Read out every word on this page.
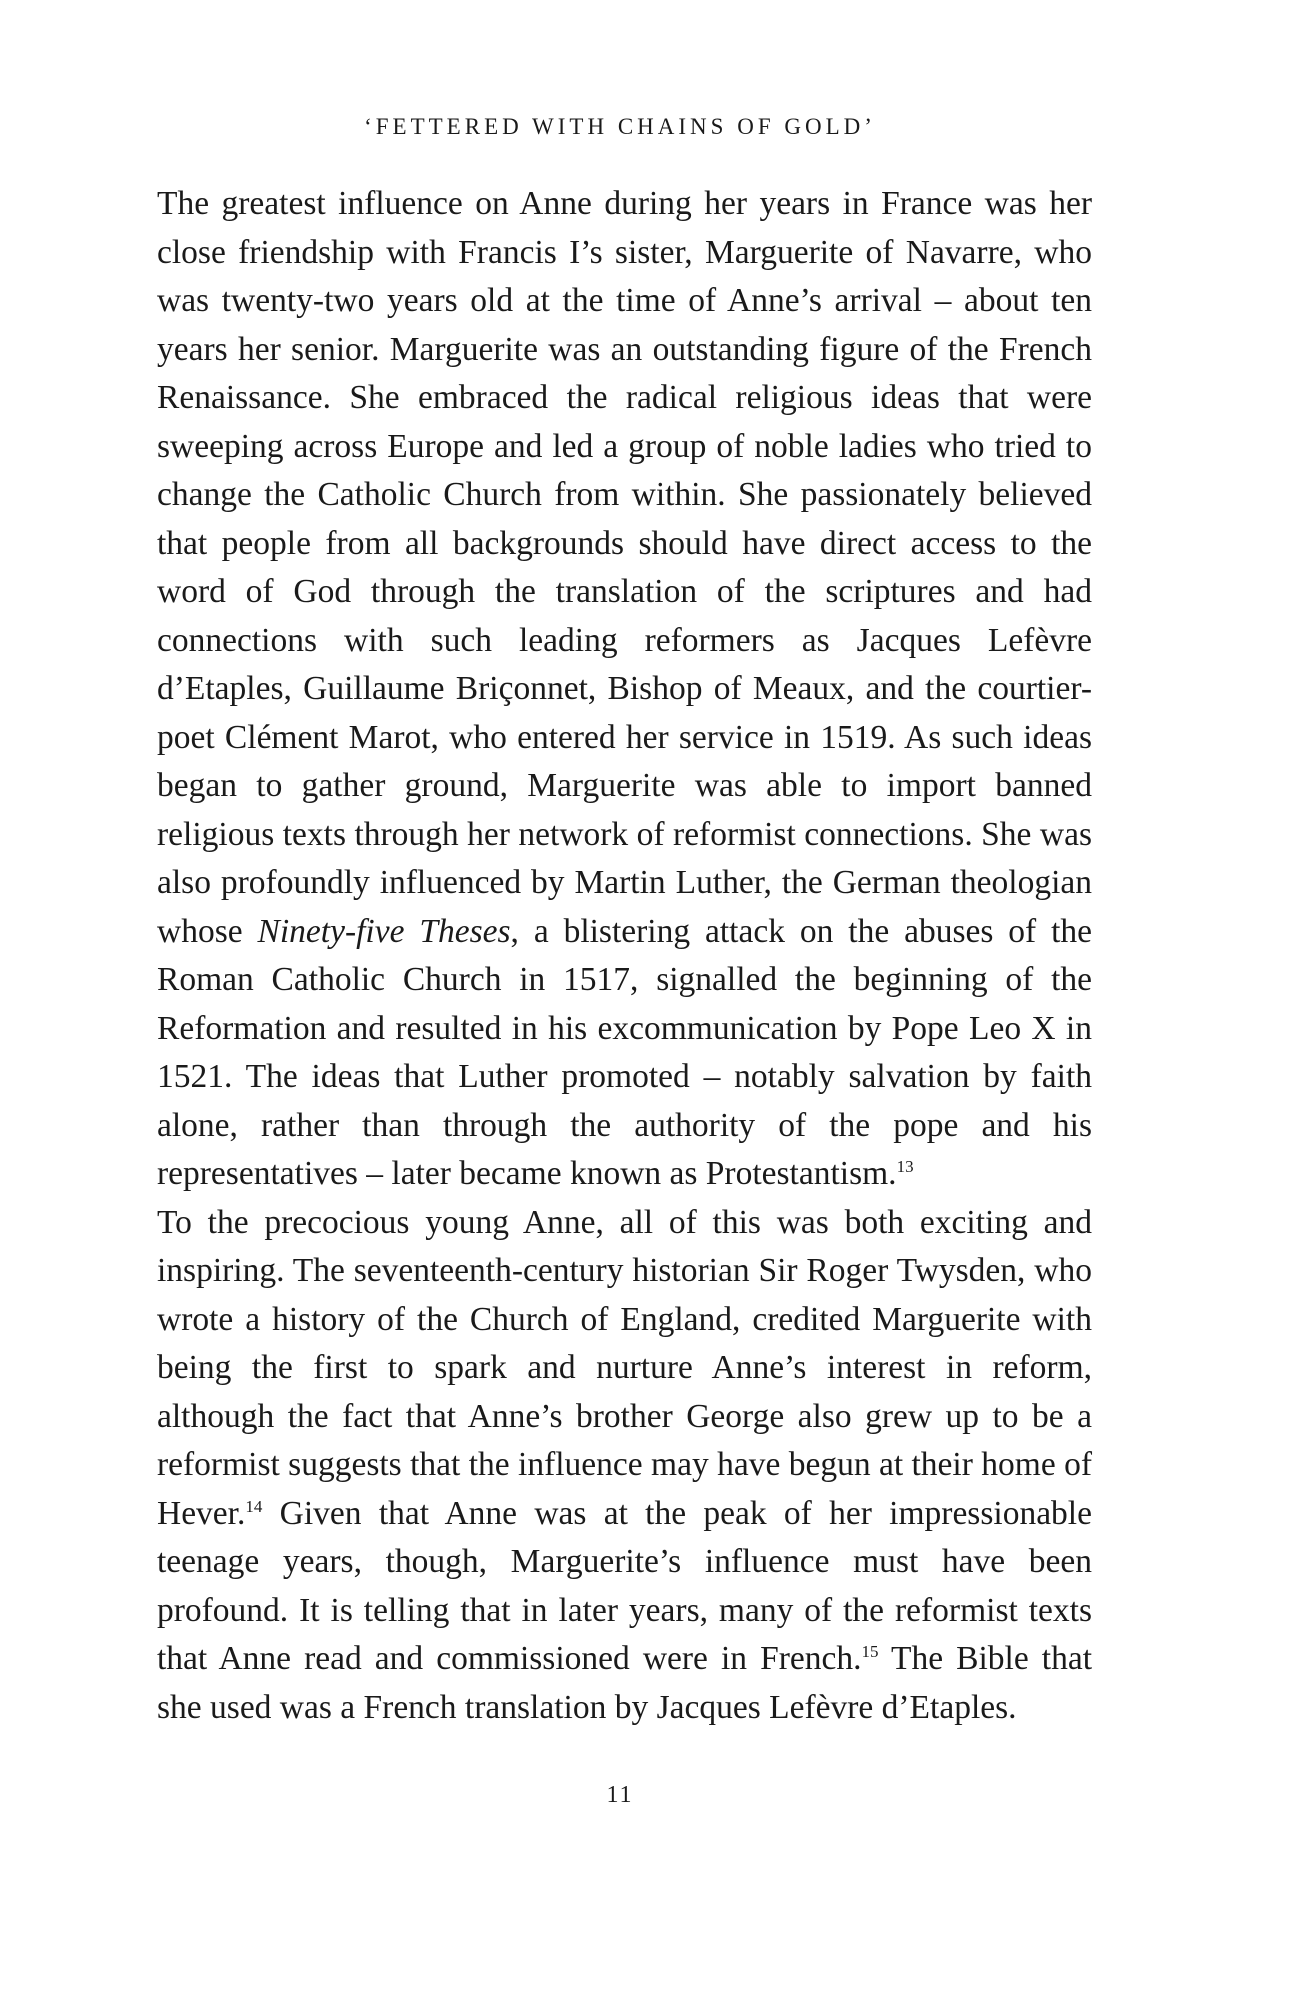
‘FETTERED WITH CHAINS OF GOLD’

The greatest influence on Anne during her years in France was her close friendship with Francis I’s sister, Marguerite of Navarre, who was twenty-two years old at the time of Anne’s arrival – about ten years her senior. Marguerite was an outstanding figure of the French Renaissance. She embraced the radical religious ideas that were sweeping across Europe and led a group of noble ladies who tried to change the Catholic Church from within. She passionately believed that people from all backgrounds should have direct access to the word of God through the translation of the scriptures and had connections with such leading reformers as Jacques Lefèvre d’Etaples, Guillaume Briçonnet, Bishop of Meaux, and the courtier-poet Clément Marot, who entered her service in 1519. As such ideas began to gather ground, Marguerite was able to import banned religious texts through her network of reformist connections. She was also profoundly influenced by Martin Luther, the German theologian whose Ninety-five Theses, a blistering attack on the abuses of the Roman Catholic Church in 1517, signalled the beginning of the Reformation and resulted in his excommunication by Pope Leo X in 1521. The ideas that Luther promoted – notably salvation by faith alone, rather than through the authority of the pope and his representatives – later became known as Protestantism.$^{13}$

To the precocious young Anne, all of this was both exciting and inspiring. The seventeenth-century historian Sir Roger Twysden, who wrote a history of the Church of England, credited Marguerite with being the first to spark and nurture Anne’s interest in reform, although the fact that Anne’s brother George also grew up to be a reformist suggests that the influence may have begun at their home of Hever.$^{14}$ Given that Anne was at the peak of her impressionable teenage years, though, Marguerite’s influence must have been profound. It is telling that in later years, many of the reformist texts that Anne read and commissioned were in French.$^{15}$ The Bible that she used was a French translation by Jacques Lefèvre d’Etaples.

11
